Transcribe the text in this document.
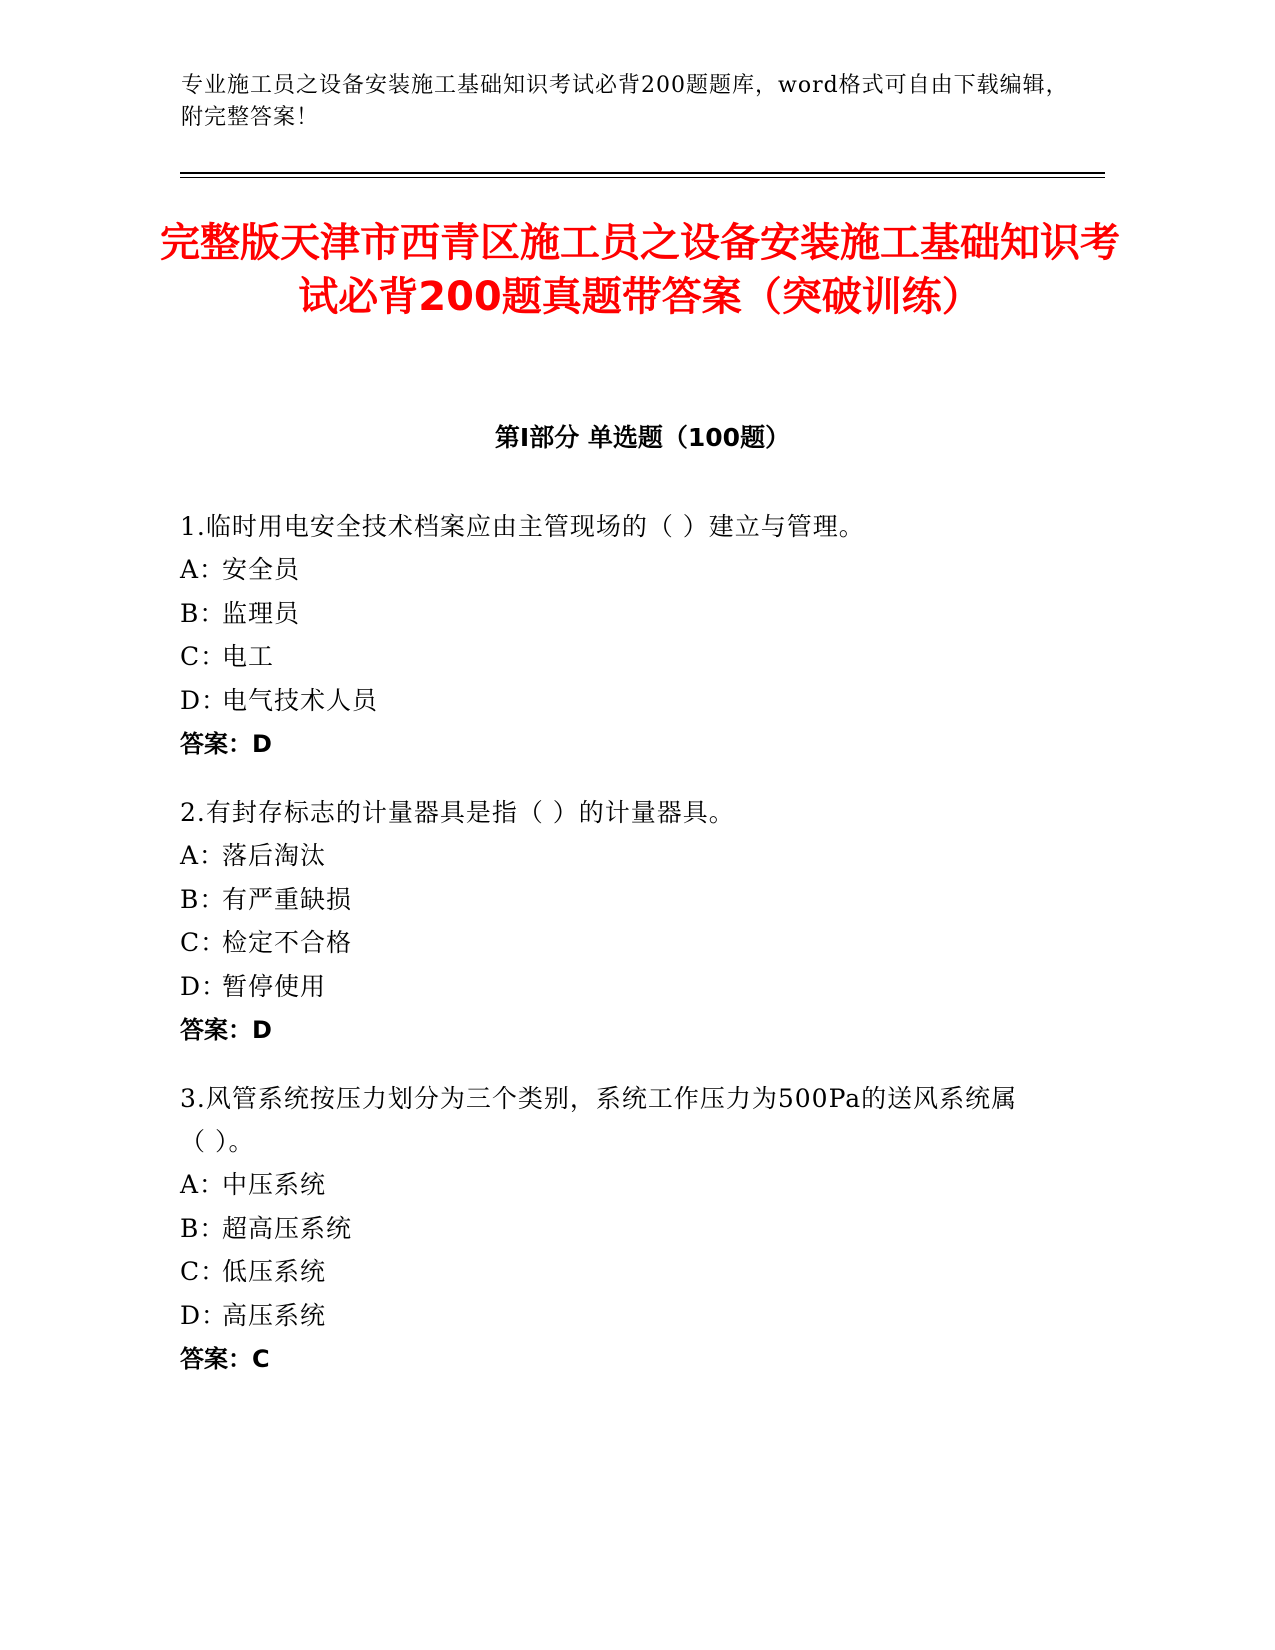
专业施工员之设备安装施工基础知识考试必背200题题库，word格式可自由下载编辑，附完整答案！
完整版天津市西青区施工员之设备安装施工基础知识考试必背200题真题带答案（突破训练）
第I部分 单选题（100题）
1.临时用电安全技术档案应由主管现场的（ ）建立与管理。
A：安全员
B：监理员
C：电工
D：电气技术人员
答案：D
2.有封存标志的计量器具是指（ ）的计量器具。
A：落后淘汰
B：有严重缺损
C：检定不合格
D：暂停使用
答案：D
3.风管系统按压力划分为三个类别，系统工作压力为500Pa的送风系统属（ ）。
A：中压系统
B：超高压系统
C：低压系统
D：高压系统
答案：C
